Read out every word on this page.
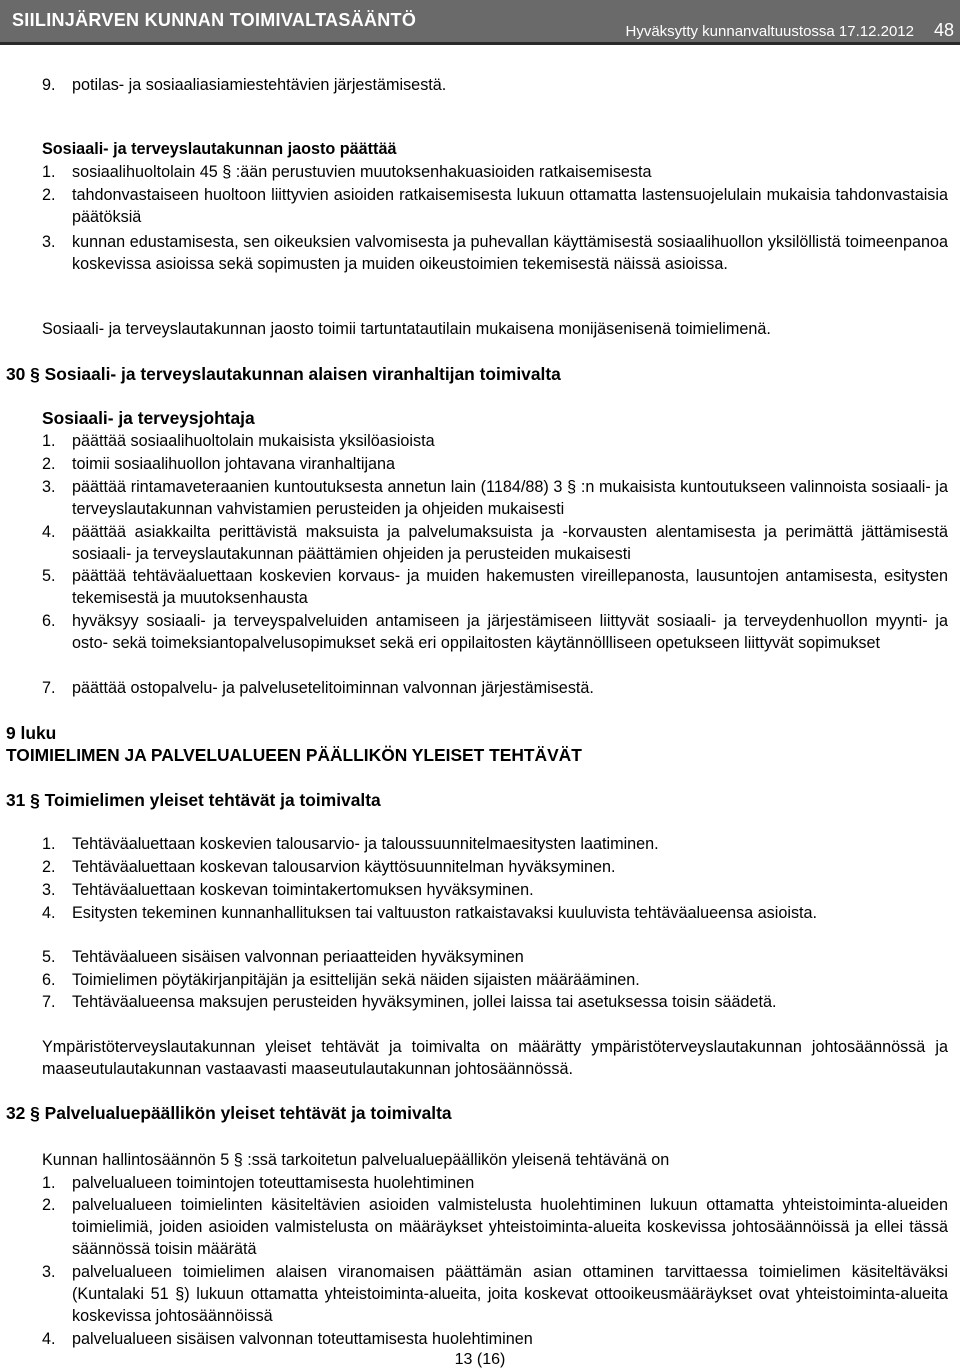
SIILINJÄRVEN KUNNAN TOIMIVALTASÄÄNTÖ
Hyväksytty kunnanvaltuustossa 17.12.2012 48
9.	potilas- ja sosiaaliasiamiestehtävien järjestämisestä.
Sosiaali- ja terveyslautakunnan jaosto päättää
1.	sosiaalihuoltolain 45 § :ään perustuvien muutoksenhakuasioiden ratkaisemisesta
2.	tahdonvastaiseen huoltoon liittyvien asioiden ratkaisemisesta lukuun ottamatta lastensuojelulain mukaisia tahdonvastaisia päätöksiä
3.	kunnan edustamisesta, sen oikeuksien valvomisesta ja puhevallan käyttämisestä sosiaalihuollon yksilöllistä toimeenpanoa koskevissa asioissa sekä sopimusten ja muiden oikeustoimien tekemisestä näissä asioissa.
Sosiaali- ja terveyslautakunnan jaosto toimii tartuntatautilain mukaisena monijäsenisenä toimielimenä.
30 § Sosiaali- ja terveyslautakunnan alaisen viranhaltijan toimivalta
Sosiaali- ja terveysjohtaja
1.	päättää sosiaalihuoltolain mukaisista yksilöasioista
2.	toimii sosiaalihuollon johtavana viranhaltijana
3.	päättää rintamaveteraanien kuntoutuksesta annetun lain (1184/88) 3 § :n mukaisista kuntoutukseen valinnoista sosiaali- ja terveyslautakunnan vahvistamien perusteiden ja ohjeiden mukaisesti
4.	päättää asiakkailta perittävistä maksuista ja palvelumaksuista ja -korvausten alentamisesta ja perimättä jättämisestä sosiaali- ja terveyslautakunnan päättämien ohjeiden ja perusteiden mukaisesti
5.	päättää tehtäväaluettaan koskevien korvaus- ja muiden hakemusten vireillepanosta, lausuntojen antamisesta, esitysten tekemisestä ja muutoksenhausta
6.	hyväksyy sosiaali- ja terveyspalveluiden antamiseen ja järjestämiseen liittyvät sosiaali- ja terveydenhuollon myynti- ja osto- sekä toimeksiantopalvelusopimukset sekä eri oppilaitosten käytännöllliseen opetukseen liittyvät sopimukset
7.	päättää ostopalvelu- ja palvelusetelitoiminnan valvonnan järjestämisestä.
9 luku
TOIMIELIMEN JA PALVELUALUEEN PÄÄLLIKÖN YLEISET TEHTÄVÄT
31 § Toimielimen yleiset tehtävät ja toimivalta
1.	Tehtäväaluettaan koskevien talousarvio- ja taloussuunnitelmaesitysten laatiminen.
2.	Tehtäväaluettaan koskevan talousarvion käyttösuunnitelman hyväksyminen.
3.	Tehtäväaluettaan koskevan toimintakertomuksen hyväksyminen.
4.	Esitysten tekeminen kunnanhallituksen tai valtuuston ratkaistavaksi kuuluvista tehtäväalueensa asioista.
5.	Tehtäväalueen sisäisen valvonnan periaatteiden hyväksyminen
6.	Toimielimen pöytäkirjanpitäjän ja esittelijän sekä näiden sijaisten määrääminen.
7.	Tehtäväalueensa maksujen perusteiden hyväksyminen, jollei laissa tai asetuksessa toisin säädetä.
Ympäristöterveyslautakunnan yleiset tehtävät ja toimivalta on määrätty ympäristöterveyslautakunnan johtosäännössä ja maaseutulautakunnan vastaavasti maaseutulautakunnan johtosäännössä.
32 § Palvelualuepäällikön yleiset tehtävät ja toimivalta
Kunnan hallintosäännön 5 § :ssä tarkoitetun palvelualuepäällikön yleisenä tehtävänä on
1.	palvelualueen toimintojen toteuttamisesta huolehtiminen
2.	palvelualueen toimielinten käsiteltävien asioiden valmistelusta huolehtiminen lukuun ottamatta yhteistoiminta-alueiden toimielimiä, joiden asioiden valmistelusta on määräykset yhteistoiminta-alueita koskevissa johtosäännöissä ja ellei tässä säännössä toisin määrätä
3.	palvelualueen toimielimen alaisen viranomaisen päättämän asian ottaminen tarvittaessa toimielimen käsiteltäväksi (Kuntalaki 51 §) lukuun ottamatta yhteistoiminta-alueita, joita koskevat ottooikeusmääräykset ovat yhteistoiminta-alueita koskevissa johtosäännöissä
4.	palvelualueen sisäisen valvonnan toteuttamisesta huolehtiminen
13 (16)
